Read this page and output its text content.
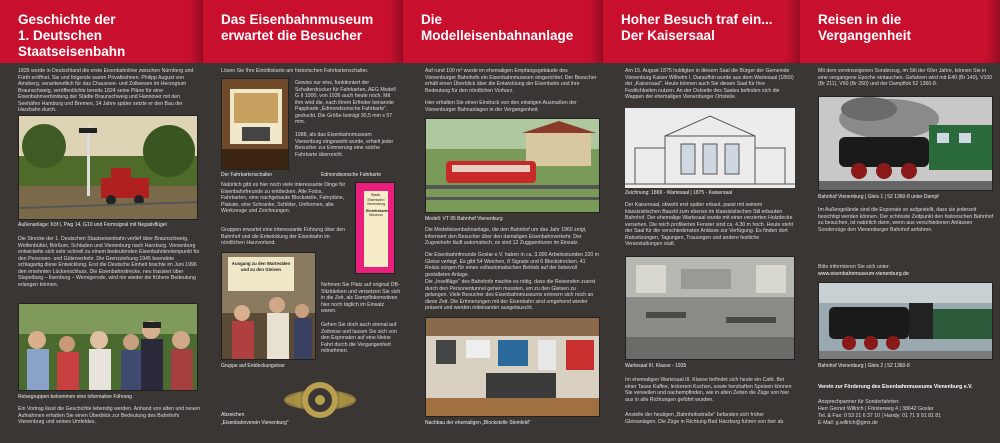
Geschichte der
1. Deutschen Staatseisenbahn
1835 wurde in Deutschland die erste Eisenbahnlinie zwischen Nürnberg und Fürth eröffnet. Sie und folgende waren Privatbahnen. Philipp August von Amsberg, verantwortlich für das Chaussee- und Zollwesen im Herzogtum Braunschweig, veröffentlichte bereits 1824 seine Pläne für eine Eisenbahnverbindung der Städte Braunschweig und Hannover mit den Seehäfen Hamburg und Bremen, 14 Jahre später setzte er den Bau der Harzbahn durch.
Außenanlage: Köf I, Pwg 14, G10 und Formsignal mit Negativflügel
Die Strecke der 1. Deutschen Staatseisenbahn verlief über Braunschweig, Wolfenbüttel, Börßum, Schladen und Vienenburg nach Harzburg. Vienenburg entwickelte sich sehr schnell zu einem bedeutenden Eisenbahnknotenpunkt für den Personen- und Güterverkehr. Die Grenzziehung 1945 beendete schlagartig diese Entwicklung. Erst die Deutsche Einheit brachte im Juni 1996 den ersehnten Lückenschluss. Die Eisenbahnstrecke, neu trassiert über Stapelburg – Ilsenburg – Wernigerode, wird nie wieder die frühere Bedeutung erlangen können.
Reisegruppen bekommen eine informative Führung
Ein Vortrag lässt die Geschichte lebendig werden. Anhand von alten und neuen Aufnahmen erhalten Sie einen Überblick zur Bedeutung des Bahnhofs Vienenburg und seines Umfeldes.
Das Eisenbahnmuseum
erwartet die Besucher
Lösen Sie Ihre Eintrittskarte am historischen Fahrkartenschalter.
Gewiss nur eins, funktioniert der Schalterdrucker für Fahrkarten, AEG Modell G II 1000, von 1936 auch heute noch. Mit ihm wird die, nach ihrem Erfinder benannte Pappkarte „Edmondsonsche Fahrkarte", gedruckt. Die Größe beträgt 30,5 mm x 57 mm.
1988, als das Eisenbahnmuseum Vienenburg eingeweiht wurde, erhielt jeder Besucher zur Erinnerung eine solche Fahrkarte überreicht.
Der Fahrkartenschalter	Edmondsonsche Fahrkarte
Natürlich gibt es hier noch viele interessante Dinge für Eisenbahnfreunde zu entdecken. Alte Fotos, Fahrkarten, eine nachgebaute Blockstelle, Fahrpläne, Plakate, eine Schranke, Schilder, Uniformen, alte Werkzeuge und Zeichnungen.
Staatl. Eisenbahn
Vienenburg
Eintrittskarte
Museum
Gruppen erwartet eine interessante Führung über den Bahnhof und die Entwicklung der Eisenbahn im nördlichen Harzvorland.
Ausgang zu den Wartesälen und zu den Gleisen
Nehmen Sie Platz auf original DB-Sitzbänken und versetzen Sie sich in die Zeit, als Dampflokomotiven hier noch täglich im Einsatz waren.
Gehen Sie doch auch einmal auf Zeitreise und lassen Sie sich von den Exponaten auf eine kleine Fahrt durch die Vergangenheit mitnehmen.
Gruppe auf Entdeckungstour
Abzeichen
„Eisenbahnverein Vienenburg"
Die
Modelleisenbahnanlage
Auf rund 100 m² wurde im ehemaligen Empfangsgebäude des Vienenburger Bahnhofs ein Eisenbahnmuseum eingerichtet. Der Besucher erhält einen Überblick über die Entwicklung der Eisenbahn und ihre Bedeutung für den nördlichen Vorharz.
Hier erhalten Sie einen Eindruck von den einstigen Ausmaßen der Vienenburger Bahnanlagen in der Vergangenheit.
Modell: VT 95 Bahnhof Vienenburg
Die Modelleisenbahnanlage, die den Bahnhof um das Jahr 1960 zeigt, informiert den Besucher über den damaligen Eisenbahnverkehr. Der Zugverkehr läuft automatisch, es sind 12 Zuggarnituren im Einsatz.
Die Eisenbahnfreunde Goslar e.V. haben in ca. 3.000 Arbeitsstunden 220 m Gleise verlegt. Es gibt 54 Weichen, 8 Signale und 6 Blockstrecken. 41 Relais sorgen für einen vollautomatischen Betrieb auf der liebevoll gestalteten Anlage.
Die „Inselfläge" des Bahnhofs machte es nötig, dass die Reisenden zuerst durch den Personentunnel gehen mussten, um zu den Gleisen zu gelangen. Viele Besucher des Eisenbahnmuseums erinnern sich noch an diese Zeit. Die Erinnerungen mit der Eisenbahn sind umgehend wieder präsent und werden miteinander ausgetauscht.
Nachbau der ehemaligen „Blockstelle Steinfeld"
Hoher Besuch traf ein...
Der Kaisersaal
Am 15. August 1875 huldigten in diesem Saal die Bürger der Gemeinde Vienenburg Kaiser Wilhelm I. Daraufhin wurde aus dem Wartesaal (1869) der „Kaisersaal". Heute können auch Sie diesen Saal für Ihre Festlichkeiten nutzen. An der Ostseite des Saales befinden sich die Wappen der ehemaligen Vienenburger Ortsteile.
Zeichnung: 1869 - Wartesaal | 1875 - Kaisersaal
Der Kaisersaal, obwohl erst später erbaut, passt mit seinem klassizistischen Baustil zum ebenso im klassizistischen Stil erbauten Bahnhof. Der ehemalige Wartesaal wurde mit einer verzierten Holzdecke versehen. Die reich profilierten Fenster sind ca. 4,30 m hoch. Heute steht der Saal für die verschiedensten Anlässe zur Verfügung. Es finden dort Ratssitzungen, Tagungen, Trauungen und andere festliche Veranstaltungen statt.
Wartesaal III. Klasse - 1935
Im ehemaligen Wartesaal III. Klasse befindet sich heute ein Café. Bei einer Tasse Kaffee, leckerem Kuchen, sowie herzhaften Speisen können Sie verweilen und nachempfinden, wie in alten Zeiten die Züge von hier aus in alle Richtungen geführt wurden.
Anstelle der heutigen „Bahnhofsstraße" befanden sich früher Gleisanlagen. Die Züge in Richtung Bad Harzburg fuhren von hier ab.
Reisen in die
Vergangenheit
Mit dem vereinseigenen Sonderzug, im Stil der 60er Jahre, können Sie in eine vergangene Epoche eintauchen. Gefahren wird mit E40 (Br 140), V100 (Br 211), V60 (Br 260) und der Dampflok 52 1360-8.
Bahnhof Vienenburg | Gleis 1 | 52 1360-8 unter Dampf
Im Außengelände sind die Exponate so aufgestellt, dass sie jederzeit besichtigt werden können. Der schönste Zeitpunkt den historischen Bahnhof zu besuchen, ist natürlich dann, wenn aus verschiedenen Anlässen Sonderzüge den Vienenburger Bahnhof anfahren.
Bitte informieren Sie sich unter:
www.eisenbahnmuseum-vienenburg.de
Bahnhof Vienenburg | Gleis 2 | 52 1360-8
Verein zur Förderung des Eisenbahnmuseums Vienenburg e.V.
Ansprechpartner für Sonderfahrten:
Herr Gernot Willrich | Försterweg 4 | 38642 Goslar
Tel. & Fax: 0 53 21 6 37 10 | Handy: 01 71 9 91 81 81
E-Mail: g.willrich@gmx.de
